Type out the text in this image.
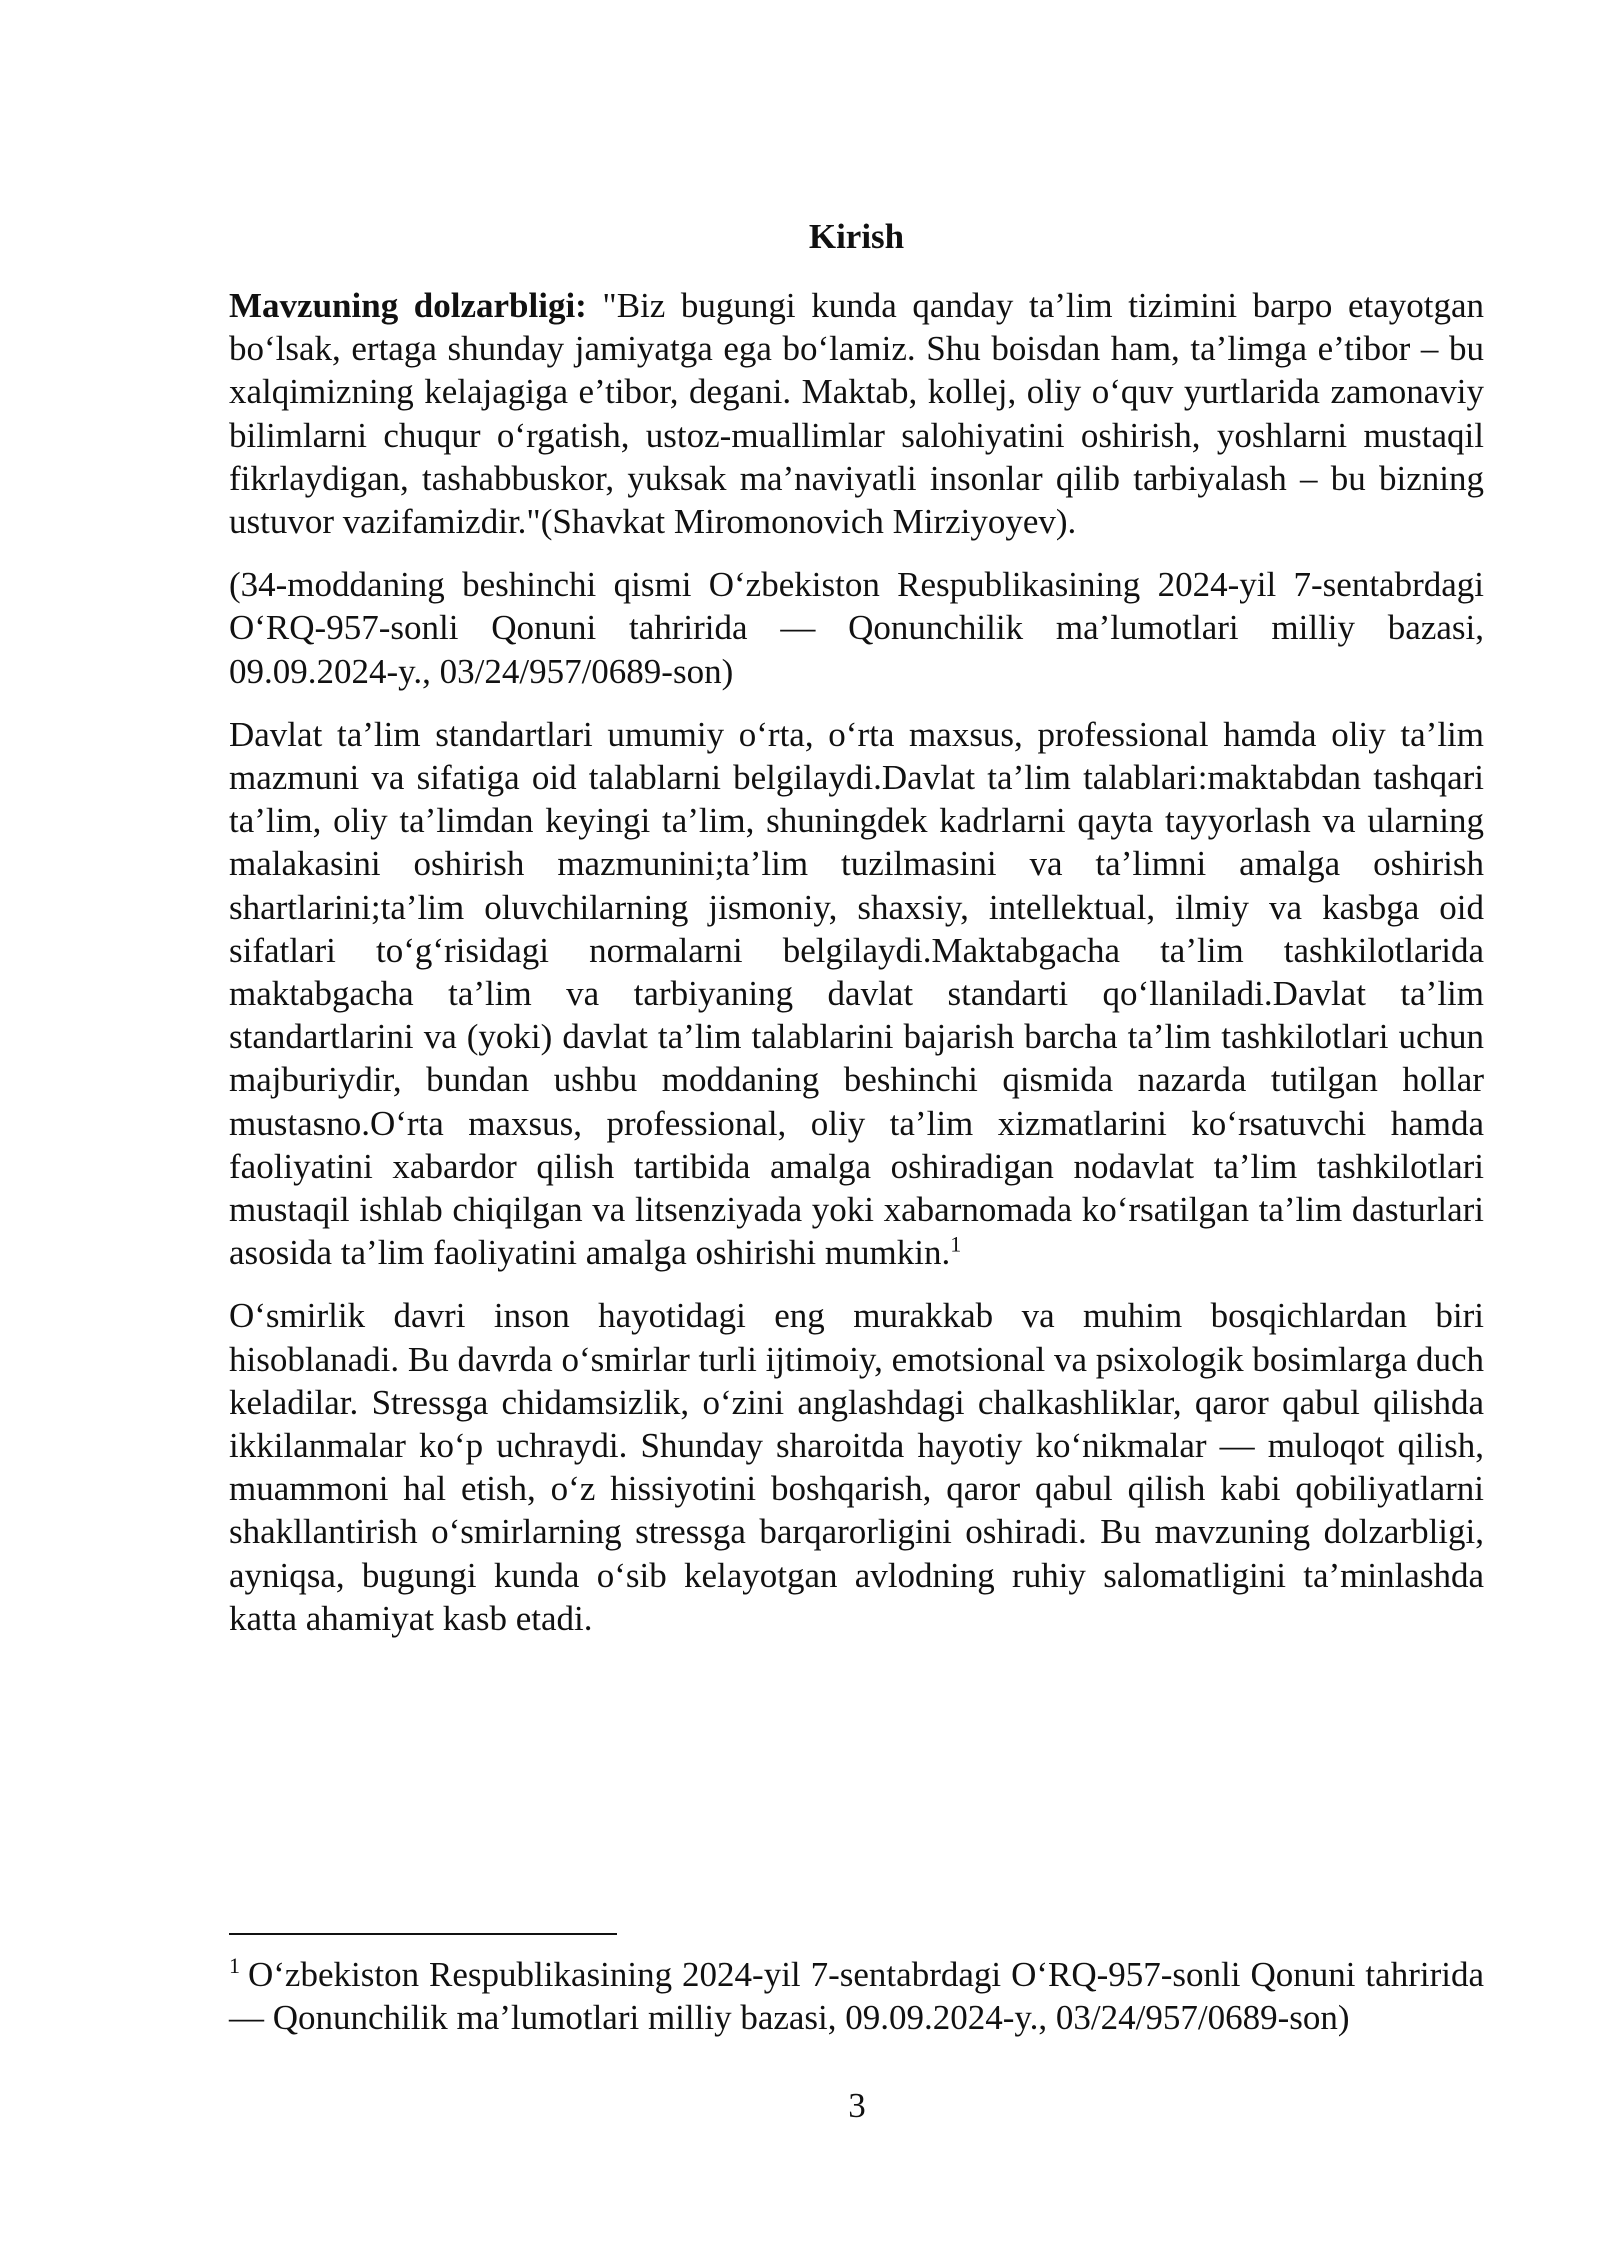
Kirish

Mavzuning dolzarbligi: "Biz bugungi kunda qanday ta’lim tizimini barpo etayotgan bo‘lsak, ertaga shunday jamiyatga ega bo‘lamiz. Shu boisdan ham, ta’limga e’tibor – bu xalqimizning kelajagiga e’tibor, degani. Maktab, kollej, oliy o‘quv yurtlarida zamonaviy bilimlarni chuqur o‘rgatish, ustoz-muallimlar salohiyatini oshirish, yoshlarni mustaqil fikrlaydigan, tashabbuskor, yuksak ma’naviyatli insonlar qilib tarbiyalash – bu bizning ustuvor vazifamizdir."(Shavkat Miromonovich Mirziyoyev).

(34-moddaning beshinchi qismi O‘zbekiston Respublikasining 2024-yil 7-sentabrdagi O‘RQ-957-sonli Qonuni tahririda — Qonunchilik ma’lumotlari milliy bazasi, 09.09.2024-y., 03/24/957/0689-son)

Davlat ta’lim standartlari umumiy o‘rta, o‘rta maxsus, professional hamda oliy ta’lim mazmuni va sifatiga oid talablarni belgilaydi.Davlat ta’lim talablari:maktabdan tashqari ta’lim, oliy ta’limdan keyingi ta’lim, shuningdek kadrlarni qayta tayyorlash va ularning malakasini oshirish mazmunini;ta’lim tuzilmasini va ta’limni amalga oshirish shartlarini;ta’lim oluvchilarning jismoniy, shaxsiy, intellektual, ilmiy va kasbga oid sifatlari to‘g‘risidagi normalarni belgilaydi.Maktabgacha ta’lim tashkilotlarida maktabgacha ta’lim va tarbiyaning davlat standarti qo‘llaniladi.Davlat ta’lim standartlarini va (yoki) davlat ta’lim talablarini bajarish barcha ta’lim tashkilotlari uchun majburiydir, bundan ushbu moddaning beshinchi qismida nazarda tutilgan hollar mustasno.O‘rta maxsus, professional, oliy ta’lim xizmatlarini ko‘rsatuvchi hamda faoliyatini xabardor qilish tartibida amalga oshiradigan nodavlat ta’lim tashkilotlari mustaqil ishlab chiqilgan va litsenziyada yoki xabarnomada ko‘rsatilgan ta’lim dasturlari asosida ta’lim faoliyatini amalga oshirishi mumkin.$^1$

O‘smirlik davri inson hayotidagi eng murakkab va muhim bosqichlardan biri hisoblanadi. Bu davrda o‘smirlar turli ijtimoiy, emotsional va psixologik bosimlarga duch keladilar. Stressga chidamsizlik, o‘zini anglashdagi chalkashliklar, qaror qabul qilishda ikkilanmalar ko‘p uchraydi. Shunday sharoitda hayotiy ko‘nikmalar — muloqot qilish, muammoni hal etish, o‘z hissiyotini boshqarish, qaror qabul qilish kabi qobiliyatlarni shakllantirish o‘smirlarning stressga barqarorligini oshiradi. Bu mavzuning dolzarbligi, ayniqsa, bugungi kunda o‘sib kelayotgan avlodning ruhiy salomatligini ta’minlashda katta ahamiyat kasb etadi.

$^1$ O‘zbekiston Respublikasining 2024-yil 7-sentabrdagi O‘RQ-957-sonli Qonuni tahririda — Qonunchilik ma’lumotlari milliy bazasi, 09.09.2024-y., 03/24/957/0689-son)

3
